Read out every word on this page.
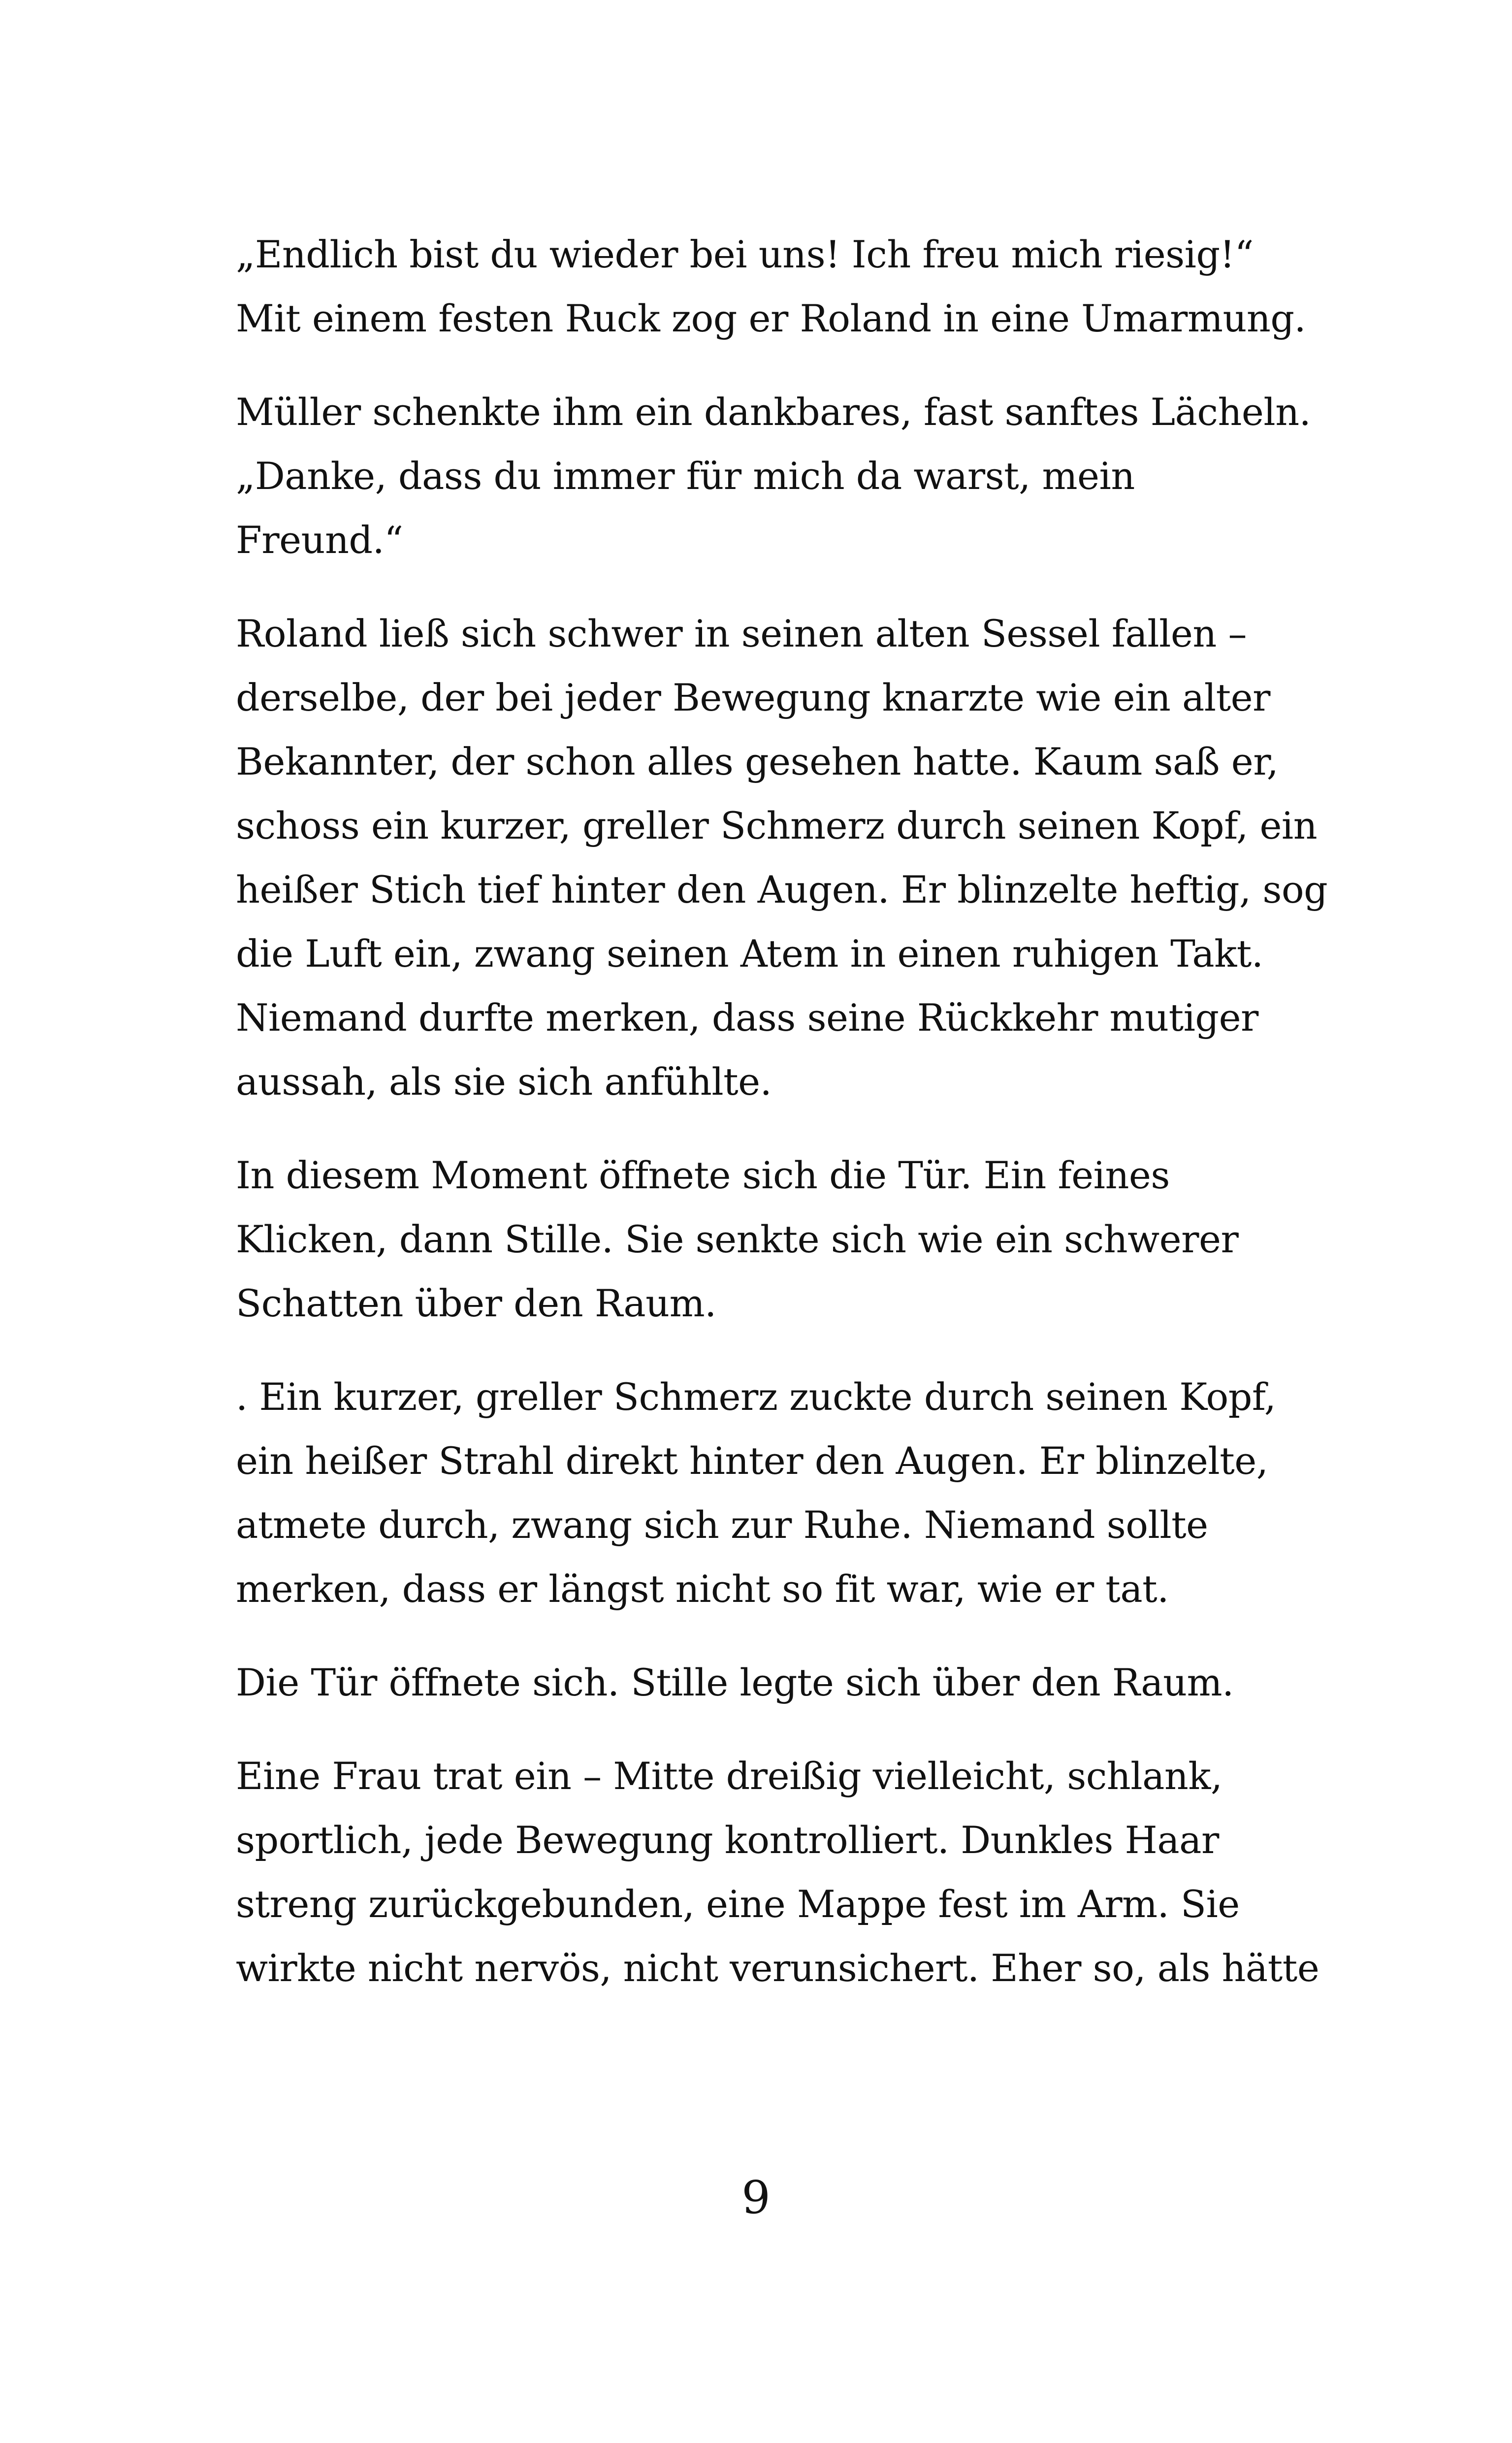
„Endlich bist du wieder bei uns! Ich freu mich riesig!“
Mit einem festen Ruck zog er Roland in eine Umarmung.

Müller schenkte ihm ein dankbares, fast sanftes Lächeln.
„Danke, dass du immer für mich da warst, mein
Freund.“

Roland ließ sich schwer in seinen alten Sessel fallen –
derselbe, der bei jeder Bewegung knarzte wie ein alter
Bekannter, der schon alles gesehen hatte. Kaum saß er,
schoss ein kurzer, greller Schmerz durch seinen Kopf, ein
heißer Stich tief hinter den Augen. Er blinzelte heftig, sog
die Luft ein, zwang seinen Atem in einen ruhigen Takt.
Niemand durfte merken, dass seine Rückkehr mutiger
aussah, als sie sich anfühlte.

In diesem Moment öffnete sich die Tür. Ein feines
Klicken, dann Stille. Sie senkte sich wie ein schwerer
Schatten über den Raum.

. Ein kurzer, greller Schmerz zuckte durch seinen Kopf,
ein heißer Strahl direkt hinter den Augen. Er blinzelte,
atmete durch, zwang sich zur Ruhe. Niemand sollte
merken, dass er längst nicht so fit war, wie er tat.

Die Tür öffnete sich. Stille legte sich über den Raum.

Eine Frau trat ein – Mitte dreißig vielleicht, schlank,
sportlich, jede Bewegung kontrolliert. Dunkles Haar
streng zurückgebunden, eine Mappe fest im Arm. Sie
wirkte nicht nervös, nicht verunsichert. Eher so, als hätte

9
